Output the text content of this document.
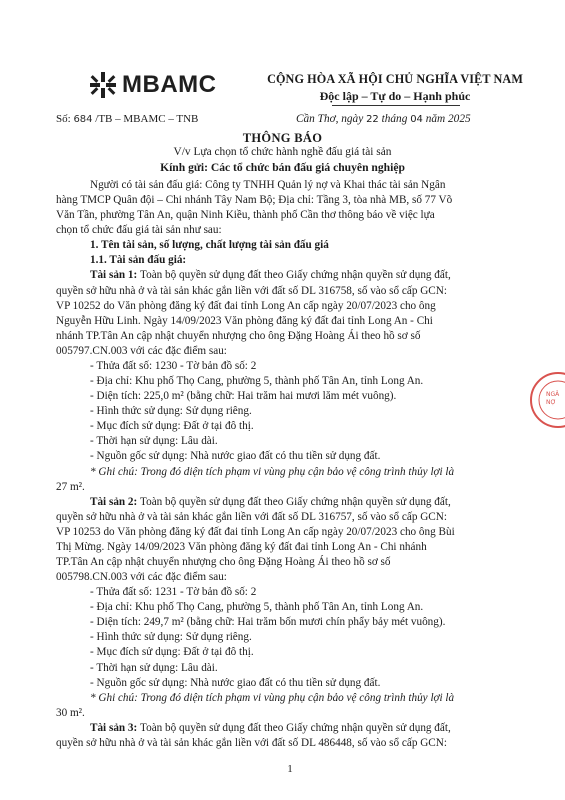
MBAMC
Số: 684 /TB – MBAMC – TNB
CỘNG HÒA XÃ HỘI CHỦ NGHĨA VIỆT NAM
Độc lập – Tự do – Hạnh phúc
Cần Thơ, ngày 22 tháng 04 năm 2025
THÔNG BÁO
V/v Lựa chọn tổ chức hành nghề đấu giá tài sản
Kính gửi: Các tổ chức bán đấu giá chuyên nghiệp
Người có tài sản đấu giá: Công ty TNHH Quản lý nợ và Khai thác tài sản Ngân
hàng TMCP Quân đội – Chi nhánh Tây Nam Bộ; Địa chỉ: Tầng 3, tòa nhà MB, số 77 Võ
Văn Tần, phường Tân An, quận Ninh Kiều, thành phố Cần thơ thông báo về việc lựa
chọn tổ chức đấu giá tài sản như sau:
1. Tên tài sản, số lượng, chất lượng tài sản đấu giá
1.1. Tài sản đấu giá:
Tài sản 1:
Toàn bộ quyền sử dụng đất theo Giấy chứng nhận quyền sử dụng đất,
quyền sở hữu nhà ở và tài sản khác gắn liền với đất số DL 316758, số vào sổ cấp GCN:
VP 10252 do Văn phòng đăng ký đất đai tỉnh Long An cấp ngày 20/07/2023 cho ông
Nguyễn Hữu Linh. Ngày 14/09/2023 Văn phòng đăng ký đất đai tỉnh Long An - Chi
nhánh TP.Tân An cập nhật chuyển nhượng cho ông Đặng Hoàng Ái theo hồ sơ số
005797.CN.003 với các đặc điểm sau:
- Thửa đất số: 1230 - Tờ bản đồ số: 2
- Địa chỉ: Khu phố Thọ Cang, phường 5, thành phố Tân An, tỉnh Long An.
- Diện tích: 225,0 m² (bằng chữ: Hai trăm hai mươi lăm mét vuông).
- Hình thức sử dụng: Sử dụng riêng.
- Mục đích sử dụng: Đất ở tại đô thị.
- Thời hạn sử dụng: Lâu dài.
- Nguồn gốc sử dụng: Nhà nước giao đất có thu tiền sử dụng đất.
* Ghi chú: Trong đó diện tích phạm vi vùng phụ cận bảo vệ công trình thủy lợi là
27 m².
Tài sản 2:
Toàn bộ quyền sử dụng đất theo Giấy chứng nhận quyền sử dụng đất,
quyền sở hữu nhà ở và tài sản khác gắn liền với đất số DL 316757, số vào sổ cấp GCN:
VP 10253 do Văn phòng đăng ký đất đai tỉnh Long An cấp ngày 20/07/2023 cho ông Bùi
Thị Mừng. Ngày 14/09/2023 Văn phòng đăng ký đất đai tỉnh Long An - Chi nhánh
TP.Tân An cập nhật chuyển nhượng cho ông Đặng Hoàng Ái theo hồ sơ số
005798.CN.003 với các đặc điểm sau:
- Thửa đất số: 1231 - Tờ bản đồ số: 2
- Địa chỉ: Khu phố Thọ Cang, phường 5, thành phố Tân An, tỉnh Long An.
- Diện tích: 249,7 m² (bằng chữ: Hai trăm bốn mươi chín phẩy bảy mét vuông).
- Hình thức sử dụng: Sử dụng riêng.
- Mục đích sử dụng: Đất ở tại đô thị.
- Thời hạn sử dụng: Lâu dài.
- Nguồn gốc sử dụng: Nhà nước giao đất có thu tiền sử dụng đất.
* Ghi chú: Trong đó diện tích phạm vi vùng phụ cận bảo vệ công trình thủy lợi là
30 m².
1
NGÂ
NỢ
Tài sản 3: Toàn bộ quyền sử dụng đất theo Giấy chứng nhận quyền sử dụng đất,
quyền sở hữu nhà ở và tài sản khác gắn liền với đất số DL 486448, số vào sổ cấp GCN:
